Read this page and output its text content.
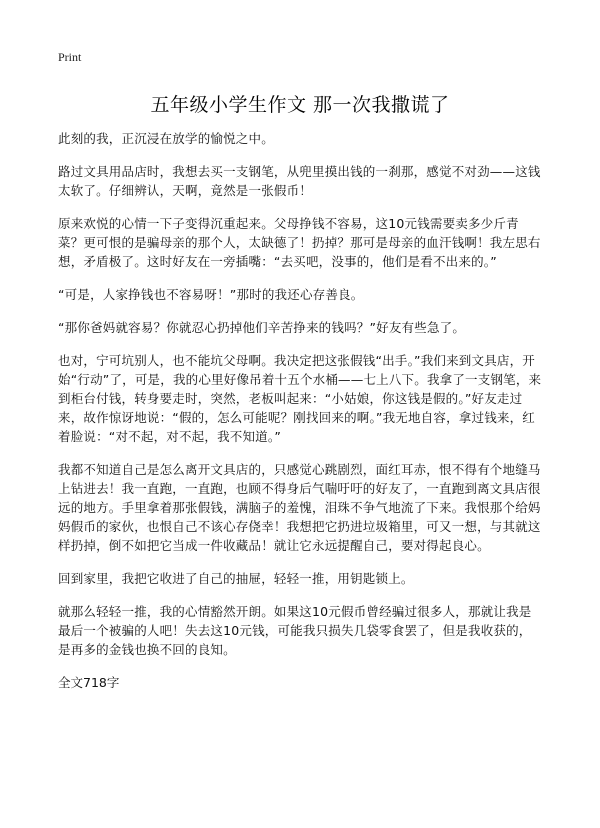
Print
五年级小学生作文 那一次我撒谎了

此刻的我，正沉浸在放学的愉悦之中。

路过文具用品店时，我想去买一支钢笔，从兜里摸出钱的一刹那，感觉不对劲——这钱太软了。仔细辨认，天啊，竟然是一张假币！

原来欢悦的心情一下子变得沉重起来。父母挣钱不容易，这10元钱需要卖多少斤青菜？更可恨的是骗母亲的那个人，太缺德了！扔掉？那可是母亲的血汗钱啊！我左思右想，矛盾极了。这时好友在一旁插嘴：“去买吧，没事的，他们是看不出来的。”

“可是，人家挣钱也不容易呀！”那时的我还心存善良。

“那你爸妈就容易？你就忍心扔掉他们辛苦挣来的钱吗？”好友有些急了。

也对，宁可坑别人，也不能坑父母啊。我决定把这张假钱“出手。”我们来到文具店，开始“行动”了，可是，我的心里好像吊着十五个水桶——七上八下。我拿了一支钢笔，来到柜台付钱，转身要走时，突然，老板叫起来：“小姑娘，你这钱是假的。”好友走过来，故作惊讶地说：“假的，怎么可能呢？刚找回来的啊。”我无地自容，拿过钱来，红着脸说：“对不起，对不起，我不知道。”

我都不知道自己是怎么离开文具店的，只感觉心跳剧烈，面红耳赤，恨不得有个地缝马上钻进去！我一直跑，一直跑，也顾不得身后气喘吁吁的好友了，一直跑到离文具店很远的地方。手里拿着那张假钱，满脑子的羞愧，泪珠不争气地流了下来。我恨那个给妈妈假币的家伙，也恨自己不该心存侥幸！我想把它扔进垃圾箱里，可又一想，与其就这样扔掉，倒不如把它当成一件收藏品！就让它永远提醒自己，要对得起良心。

回到家里，我把它收进了自己的抽屉，轻轻一推，用钥匙锁上。

就那么轻轻一推，我的心情豁然开朗。如果这10元假币曾经骗过很多人，那就让我是最后一个被骗的人吧！失去这10元钱，可能我只损失几袋零食罢了，但是我收获的，是再多的金钱也换不回的良知。

全文718字
